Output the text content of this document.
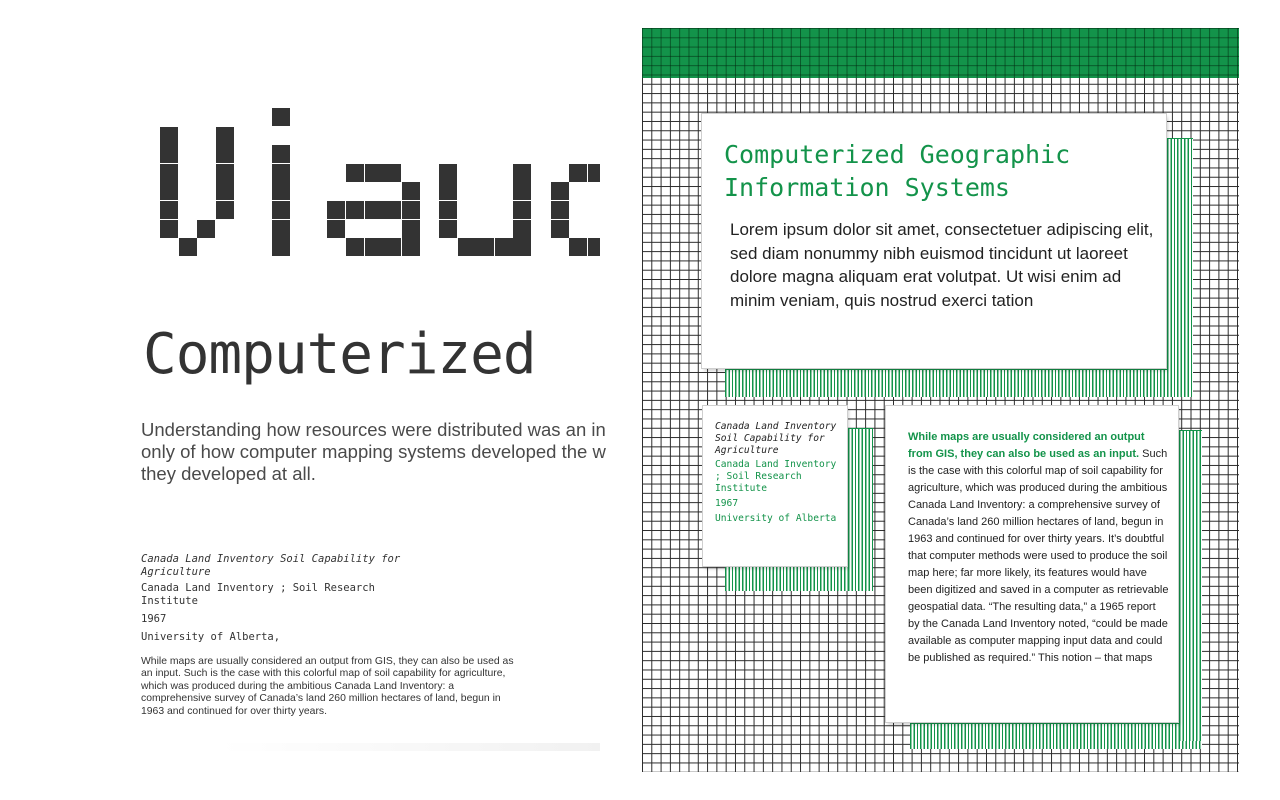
Computerized
Understanding how resources were distributed was an in
only of how computer mapping systems developed the w
they developed at all.
Canada Land Inventory Soil Capability for Agriculture
Canada Land Inventory ; Soil Research Institute
1967
University of Alberta,
While maps are usually considered an output from GIS, they can also be used as an input. Such is the case with this colorful map of soil capability for agriculture, which was produced during the ambitious Canada Land Inventory: a comprehensive survey of Canada’s land 260 million hectares of land, begun in 1963 and continued for over thirty years.
Computerized Geographic Information Systems
Lorem ipsum dolor sit amet, consectetuer adipiscing elit, sed diam nonummy nibh euismod tincidunt ut laoreet dolore magna aliquam erat volutpat. Ut wisi enim ad minim veniam, quis nostrud exerci tation
Canada Land Inventory Soil Capability for Agriculture
Canada Land Inventory ; Soil Research Institute
1967
University of Alberta
While maps are usually considered an output from GIS, they can also be used as an input. Such is the case with this colorful map of soil capability for agriculture, which was produced during the ambitious Canada Land Inventory: a comprehensive survey of Canada’s land 260 million hectares of land, begun in 1963 and continued for over thirty years. It’s doubtful that computer methods were used to produce the soil map here; far more likely, its features would have been digitized and saved in a computer as retrievable geospatial data. “The resulting data,” a 1965 report by the Canada Land Inventory noted, “could be made available as computer mapping input data and could be published as required.” This notion – that maps
